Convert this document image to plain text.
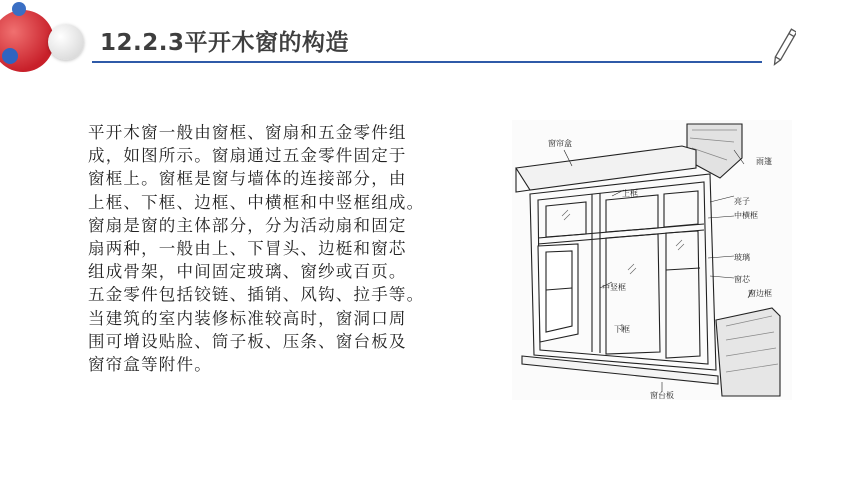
12.2.3平开木窗的构造
平开木窗一般由窗框、窗扇和五金零件组
成，如图所示。窗扇通过五金零件固定于
窗框上。窗框是窗与墙体的连接部分，由
上框、下框、边框、中横框和中竖框组成。
窗扇是窗的主体部分，分为活动扇和固定
扇两种，一般由上、下冒头、边梃和窗芯
组成骨架，中间固定玻璃、窗纱或百页。
五金零件包括铰链、插销、风钩、拉手等。
当建筑的室内装修标准较高时，窗洞口周
围可增设贴脸、筒子板、压条、窗台板及
窗帘盒等附件。
窗帘盒
雨篷
上框
亮子
中横框
玻璃
中竖框
窗芯
窗边框
下框
窗台板
